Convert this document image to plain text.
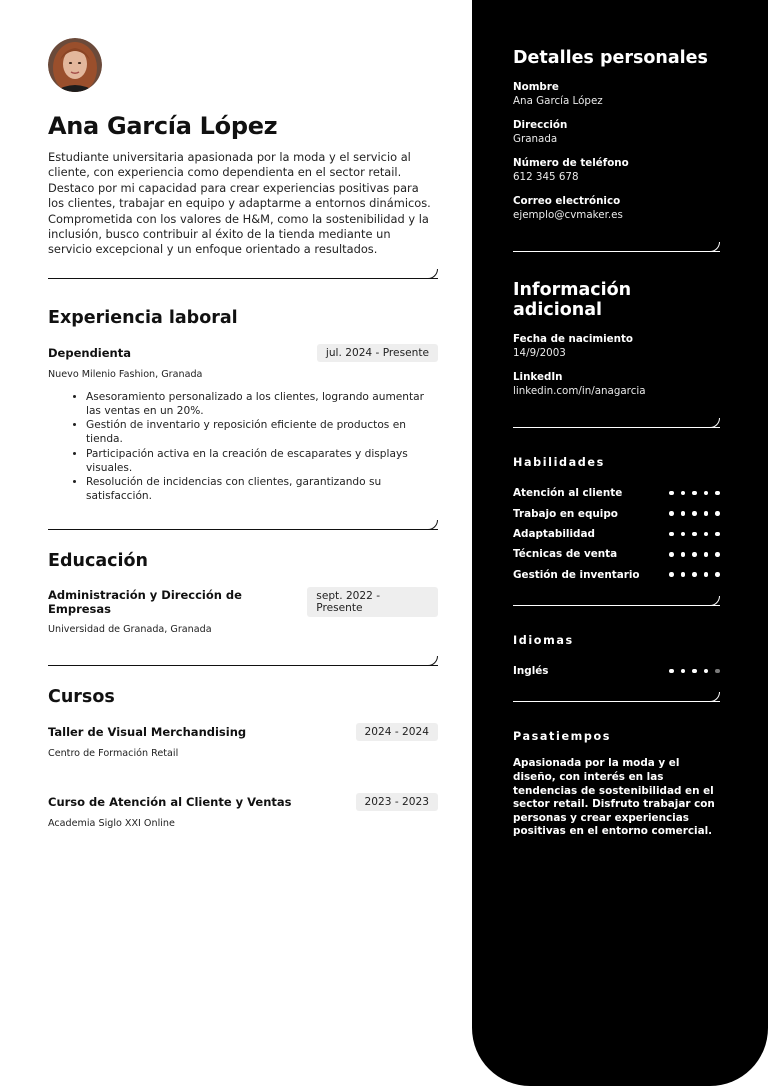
Ana García López

Estudiante universitaria apasionada por la moda y el servicio al cliente, con experiencia como dependienta en el sector retail. Destaco por mi capacidad para crear experiencias positivas para los clientes, trabajar en equipo y adaptarme a entornos dinámicos. Comprometida con los valores de H&M, como la sostenibilidad y la inclusión, busco contribuir al éxito de la tienda mediante un servicio excepcional y un enfoque orientado a resultados.

Experiencia laboral
Dependienta	jul. 2024 - Presente
Nuevo Milenio Fashion, Granada
• Asesoramiento personalizado a los clientes, logrando aumentar las ventas en un 20%.
• Gestión de inventario y reposición eficiente de productos en tienda.
• Participación activa en la creación de escaparates y displays visuales.
• Resolución de incidencias con clientes, garantizando su satisfacción.
Educación
Administración y Dirección de Empresas
sept. 2022 - Presente
Universidad de Granada, Granada
Cursos
Taller de Visual Merchandising	2024 - 2024
Centro de Formación Retail
Curso de Atención al Cliente y Ventas	2023 - 2023
Academia Siglo XXI Online
Detalles personales
Nombre
Ana García López
Dirección
Granada
Número de teléfono
612 345 678
Correo electrónico
ejemplo@cvmaker.es
Información adicional
Fecha de nacimiento
14/9/2003
LinkedIn
linkedin.com/in/anagarcia
Habilidades
Atención al cliente
Trabajo en equipo
Adaptabilidad
Técnicas de venta
Gestión de inventario
Idiomas
Inglés
Pasatiempos

Apasionada por la moda y el diseño, con interés en las tendencias de sostenibilidad en el sector retail. Disfruto trabajar con personas y crear experiencias positivas en el entorno comercial.
